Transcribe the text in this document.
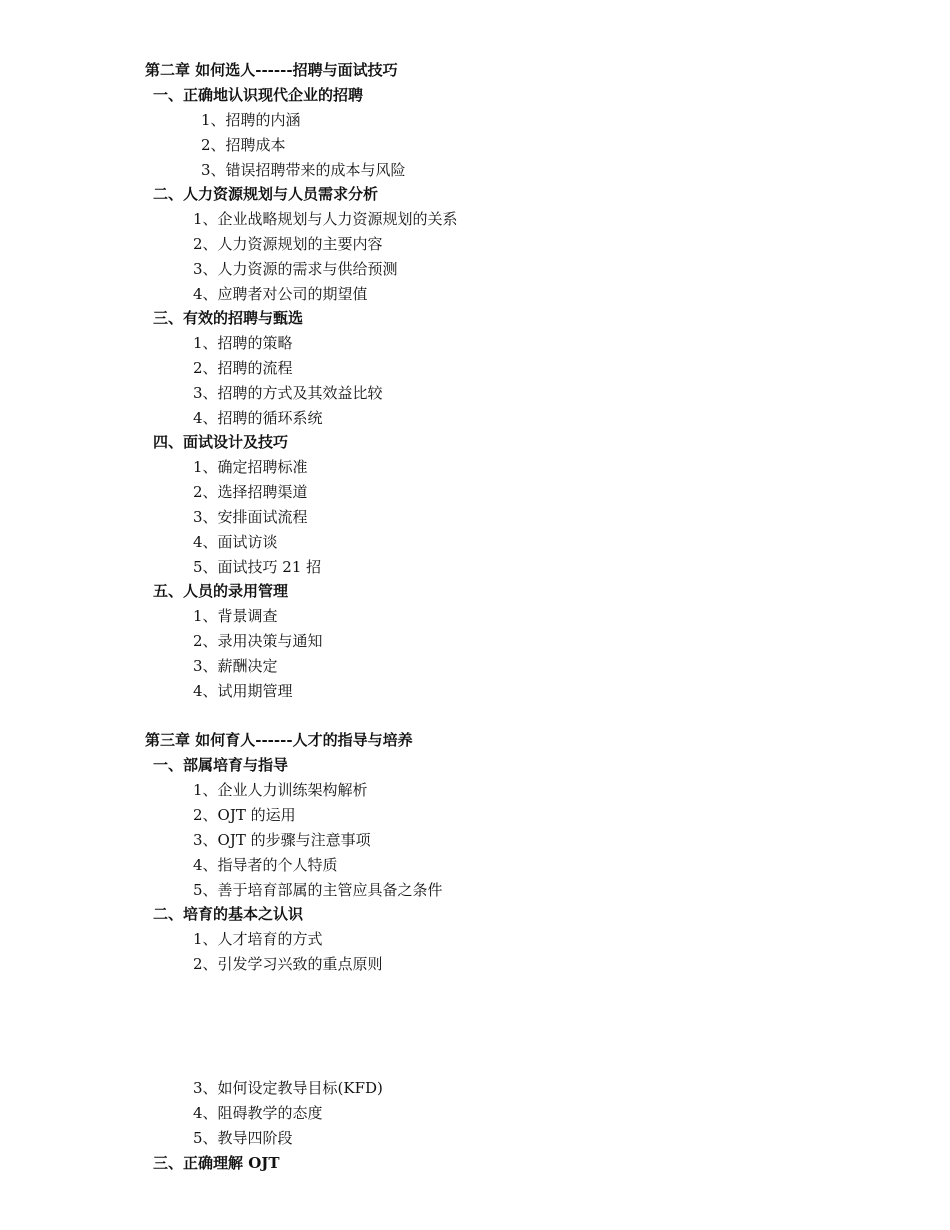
第二章 如何选人------招聘与面试技巧
一、正确地认识现代企业的招聘
1、招聘的内涵
2、招聘成本
3、错误招聘带来的成本与风险
二、人力资源规划与人员需求分析
1、企业战略规划与人力资源规划的关系
2、人力资源规划的主要内容
3、人力资源的需求与供给预测
4、应聘者对公司的期望值
三、有效的招聘与甄选
1、招聘的策略
2、招聘的流程
3、招聘的方式及其效益比较
4、招聘的循环系统
四、面试设计及技巧
1、确定招聘标准
2、选择招聘渠道
3、安排面试流程
4、面试访谈
5、面试技巧 21 招
五、人员的录用管理
1、背景调查
2、录用决策与通知
3、薪酬决定
4、试用期管理
第三章 如何育人------人才的指导与培养
一、部属培育与指导
1、企业人力训练架构解析
2、OJT 的运用
3、OJT 的步骤与注意事项
4、指导者的个人特质
5、善于培育部属的主管应具备之条件
二、培育的基本之认识
1、人才培育的方式
2、引发学习兴致的重点原则
3、如何设定教导目标(KFD)
4、阻碍教学的态度
5、教导四阶段
三、正确理解 OJT
